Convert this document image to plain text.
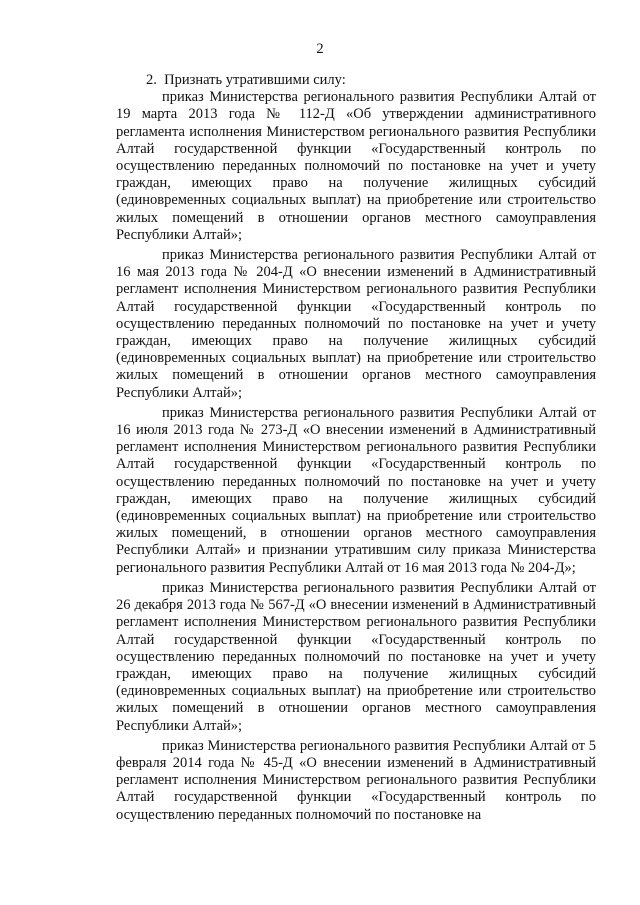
2

2. Признать утратившими силу:

приказ Министерства регионального развития Республики Алтай от 19 марта 2013 года № 112-Д «Об утверждении административного регламента исполнения Министерством регионального развития Республики Алтай государственной функции «Государственный контроль по осуществлению переданных полномочий по постановке на учет и учету граждан, имеющих право на получение жилищных субсидий (единовременных социальных выплат) на приобретение или строительство жилых помещений в отношении органов местного самоуправления Республики Алтай»;

приказ Министерства регионального развития Республики Алтай от 16 мая 2013 года № 204-Д «О внесении изменений в Административный регламент исполнения Министерством регионального развития Республики Алтай государственной функции «Государственный контроль по осуществлению переданных полномочий по постановке на учет и учету граждан, имеющих право на получение жилищных субсидий (единовременных социальных выплат) на приобретение или строительство жилых помещений в отношении органов местного самоуправления Республики Алтай»;

приказ Министерства регионального развития Республики Алтай от 16 июля 2013 года № 273-Д «О внесении изменений в Административный регламент исполнения Министерством регионального развития Республики Алтай государственной функции «Государственный контроль по осуществлению переданных полномочий по постановке на учет и учету граждан, имеющих право на получение жилищных субсидий (единовременных социальных выплат) на приобретение или строительство жилых помещений, в отношении органов местного самоуправления Республики Алтай» и признании утратившим силу приказа Министерства регионального развития Республики Алтай от 16 мая 2013 года № 204-Д»;

приказ Министерства регионального развития Республики Алтай от 26 декабря 2013 года № 567-Д «О внесении изменений в Административный регламент исполнения Министерством регионального развития Республики Алтай государственной функции «Государственный контроль по осуществлению переданных полномочий по постановке на учет и учету граждан, имеющих право на получение жилищных субсидий (единовременных социальных выплат) на приобретение или строительство жилых помещений в отношении органов местного самоуправления Республики Алтай»;

приказ Министерства регионального развития Республики Алтай от 5 февраля 2014 года № 45-Д «О внесении изменений в Административный регламент исполнения Министерством регионального развития Республики Алтай государственной функции «Государственный контроль по осуществлению переданных полномочий по постановке на
